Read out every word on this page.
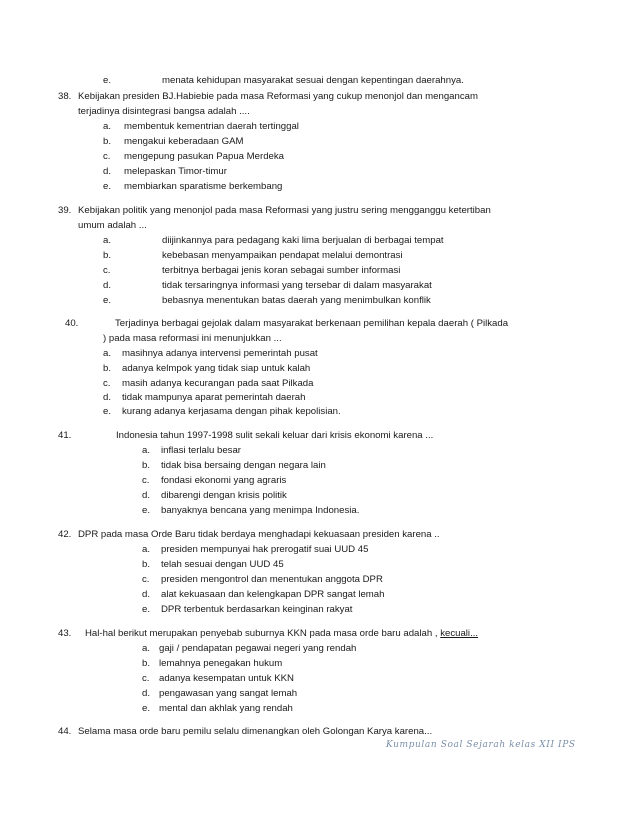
e.	menata kehidupan masyarakat sesuai dengan kepentingan daerahnya.
38. Kebijakan presiden BJ.Habiebie pada masa Reformasi yang cukup menonjol dan mengancam
terjadinya disintegrasi bangsa adalah ....
a. membentuk kementrian daerah tertinggal
b. mengakui keberadaan GAM
c. mengepung pasukan Papua Merdeka
d. melepaskan Timor-timur
e. membiarkan sparatisme berkembang
39. Kebijakan politik yang menonjol pada masa Reformasi yang justru sering mengganggu ketertiban
umum adalah ...
a.	diijinkannya para pedagang kaki lima berjualan di berbagai tempat
b.	kebebasan menyampaikan pendapat melalui demontrasi
c.	terbitnya berbagai jenis koran sebagai sumber informasi
d.	tidak tersaringnya informasi yang tersebar di dalam masyarakat
e.	bebasnya menentukan batas daerah yang menimbulkan konflik
40.	Terjadinya berbagai gejolak dalam masyarakat berkenaan pemilihan kepala daerah ( Pilkada
) pada masa reformasi ini menunjukkan ...
a. masihnya adanya intervensi pemerintah pusat
b. adanya kelmpok yang tidak siap untuk kalah
c. masih adanya kecurangan pada saat Pilkada
d. tidak mampunya aparat pemerintah daerah
e. kurang adanya kerjasama dengan pihak kepolisian.
41.	Indonesia tahun 1997-1998 sulit sekali keluar dari krisis ekonomi karena ...
a. inflasi terlalu besar
b. tidak bisa bersaing dengan negara lain
c. fondasi ekonomi yang agraris
d. dibarengi dengan krisis politik
e. banyaknya bencana yang menimpa Indonesia.
42. DPR pada masa Orde Baru tidak berdaya menghadapi kekuasaan presiden karena ..
a. presiden mempunyai hak prerogatif suai UUD 45
b. telah sesuai dengan UUD 45
c. presiden mengontrol dan menentukan anggota DPR
d. alat kekuasaan dan kelengkapan DPR sangat lemah
e. DPR terbentuk berdasarkan keinginan rakyat
43. Hal-hal berikut merupakan penyebab suburnya KKN pada masa orde baru adalah , kecuali...
a. gaji / pendapatan pegawai negeri yang rendah
b. lemahnya penegakan hukum
c. adanya kesempatan untuk KKN
d. pengawasan yang sangat lemah
e. mental dan akhlak yang rendah
44. Selama masa orde baru pemilu selalu dimenangkan oleh Golongan Karya karena...
Kumpulan Soal Sejarah kelas XII IPS
